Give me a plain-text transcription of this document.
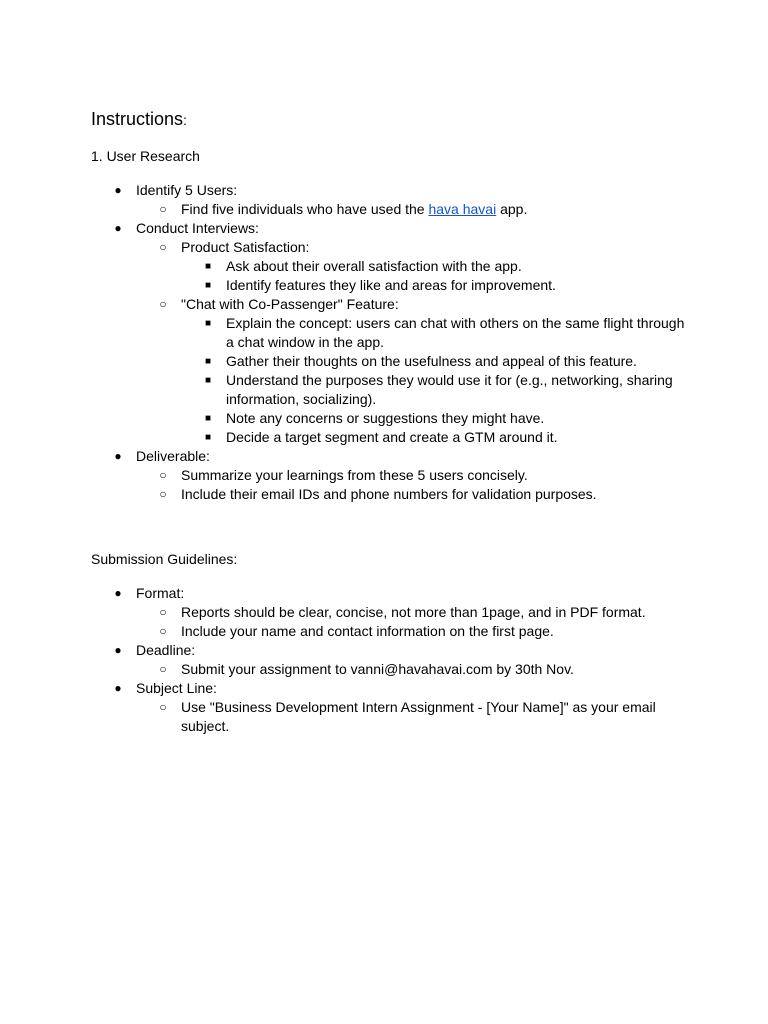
Instructions:
1. User Research
● Identify 5 Users:
○ Find five individuals who have used the hava havai app.
● Conduct Interviews:
○ Product Satisfaction:
■ Ask about their overall satisfaction with the app.
■ Identify features they like and areas for improvement.
○ "Chat with Co-Passenger" Feature:
■ Explain the concept: users can chat with others on the same flight through a chat window in the app.
■ Gather their thoughts on the usefulness and appeal of this feature.
■ Understand the purposes they would use it for (e.g., networking, sharing information, socializing).
■ Note any concerns or suggestions they might have.
■ Decide a target segment and create a GTM around it.
● Deliverable:
○ Summarize your learnings from these 5 users concisely.
○ Include their email IDs and phone numbers for validation purposes.
Submission Guidelines:
● Format:
○ Reports should be clear, concise, not more than 1page, and in PDF format.
○ Include your name and contact information on the first page.
● Deadline:
○ Submit your assignment to vanni@havahavai.com by 30th Nov.
● Subject Line:
○ Use "Business Development Intern Assignment - [Your Name]" as your email subject.
